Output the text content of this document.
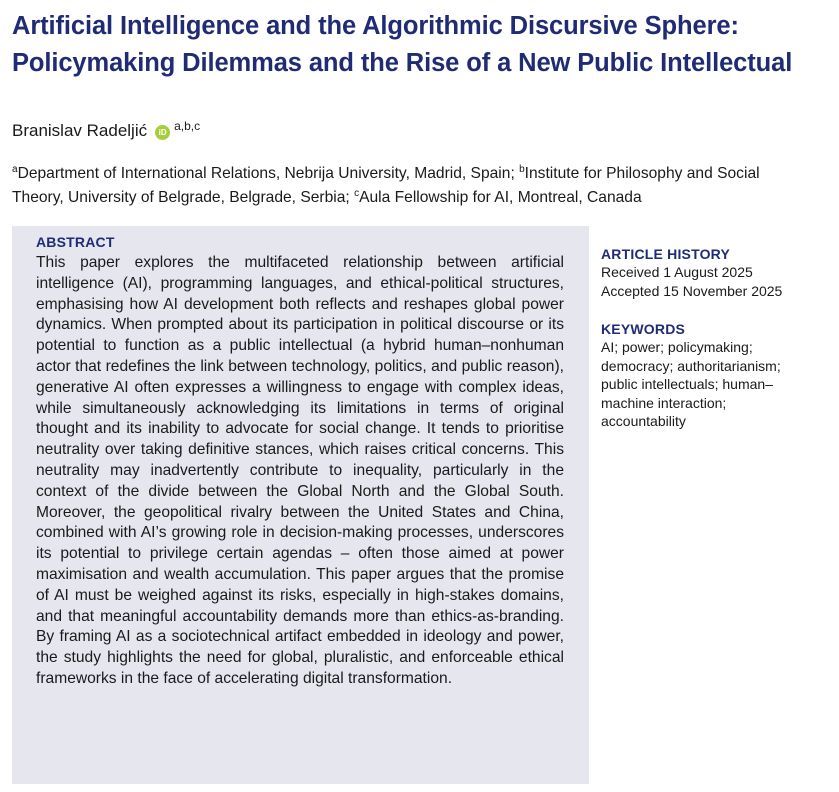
Artificial Intelligence and the Algorithmic Discursive Sphere: Policymaking Dilemmas and the Rise of a New Public Intellectual
Branislav Radeljić	iD a,b,c
$^a$Department of International Relations, Nebrija University, Madrid, Spain; $^b$Institute for Philosophy and Social Theory, University of Belgrade, Belgrade, Serbia; $^c$Aula Fellowship for AI, Montreal, Canada
ABSTRACT

This paper explores the multifaceted relationship between artificial intelligence (AI), programming languages, and ethical-political structures, emphasising how AI development both reflects and reshapes global power dynamics. When prompted about its participation in political discourse or its potential to function as a public intellectual (a hybrid human–nonhuman actor that redefines the link between technology, politics, and public reason), generative AI often expresses a willingness to engage with complex ideas, while simultaneously acknowledging its limitations in terms of original thought and its inability to advocate for social change. It tends to prioritise neutrality over taking definitive stances, which raises critical concerns. This neutrality may inadvertently contribute to inequality, particularly in the context of the divide between the Global North and the Global South. Moreover, the geopolitical rivalry between the United States and China, combined with AI’s growing role in decision-making processes, underscores its potential to privilege certain agendas – often those aimed at power maximisation and wealth accumulation. This paper argues that the promise of AI must be weighed against its risks, especially in high-stakes domains, and that meaningful accountability demands more than ethics-as-branding. By framing AI as a sociotechnical artifact embedded in ideology and power, the study highlights the need for global, pluralistic, and enforceable ethical frameworks in the face of accelerating digital transformation.

ARTICLE HISTORY
Received 1 August 2025
Accepted 15 November 2025
KEYWORDS
AI; power; policymaking; democracy; authoritarianism; public intellectuals; human–machine interaction; accountability
